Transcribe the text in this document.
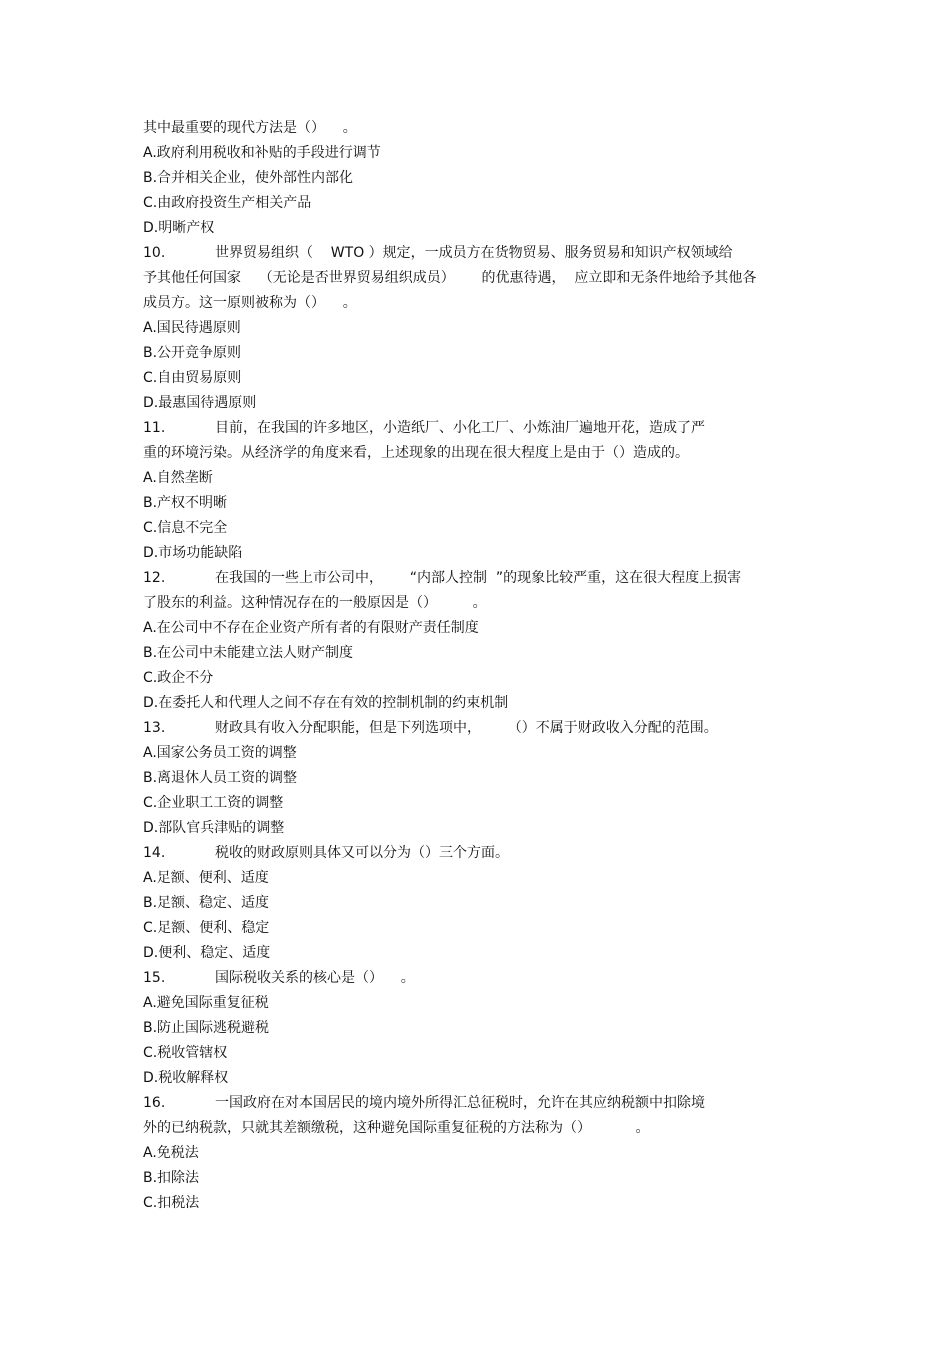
其中最重要的现代方法是（）    。
A.政府利用税收和补贴的手段进行调节
B.合并相关企业，使外部性内部化
C.由政府投资生产相关产品
D.明晰产权
10.	世界贸易组织（    WTO ）规定，一成员方在货物贸易、服务贸易和知识产权领域给
予其他任何国家    （无论是否世界贸易组织成员）      的优惠待遇，  应立即和无条件地给予其他各
成员方。这一原则被称为（）    。
A.国民待遇原则
B.公开竞争原则
C.自由贸易原则
D.最惠国待遇原则
11.	目前，在我国的许多地区，小造纸厂、小化工厂、小炼油厂遍地开花，造成了严
重的环境污染。从经济学的角度来看，上述现象的出现在很大程度上是由于（）造成的。
A.自然垄断
B.产权不明晰
C.信息不完全
D.市场功能缺陷
12.	在我国的一些上市公司中，      “内部人控制  ”的现象比较严重，这在很大程度上损害
了股东的利益。这种情况存在的一般原因是（）        。
A.在公司中不存在企业资产所有者的有限财产责任制度
B.在公司中未能建立法人财产制度
C.政企不分
D.在委托人和代理人之间不存在有效的控制机制的约束机制
13.	财政具有收入分配职能，但是下列选项中，      （）不属于财政收入分配的范围。
A.国家公务员工资的调整
B.离退休人员工资的调整
C.企业职工工资的调整
D.部队官兵津贴的调整
14.	税收的财政原则具体又可以分为（）三个方面。
A.足额、便利、适度
B.足额、稳定、适度
C.足额、便利、稳定
D.便利、稳定、适度
15.	国际税收关系的核心是（）    。
A.避免国际重复征税
B.防止国际逃税避税
C.税收管辖权
D.税收解释权
16.	一国政府在对本国居民的境内境外所得汇总征税时，允许在其应纳税额中扣除境
外的已纳税款，只就其差额缴税，这种避免国际重复征税的方法称为（）          。
A.免税法
B.扣除法
C.扣税法
